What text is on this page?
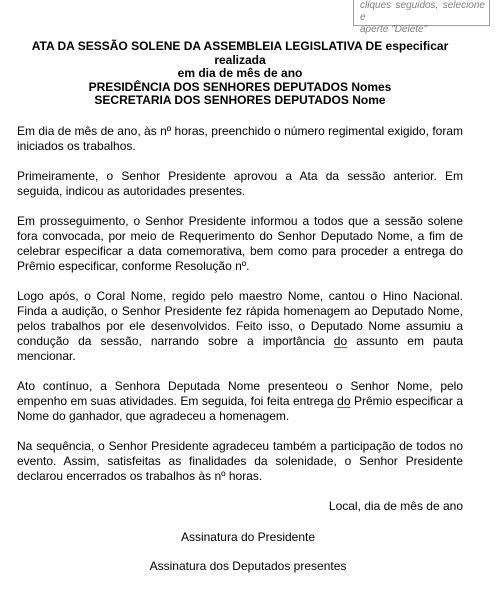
cliques seguidos, selecione e
aperte "Delete"
ATA DA SESSÃO SOLENE DA ASSEMBLEIA LEGISLATIVA DE especificar realizada
em dia de mês de ano
PRESIDÊNCIA DOS SENHORES DEPUTADOS Nomes
SECRETARIA DOS SENHORES DEPUTADOS Nome

Em dia de mês de ano, às nº horas, preenchido o número regimental exigido, foram iniciados os trabalhos.

Primeiramente, o Senhor Presidente aprovou a Ata da sessão anterior. Em seguida, indicou as autoridades presentes.

Em prosseguimento, o Senhor Presidente informou a todos que a sessão solene fora convocada, por meio de Requerimento do Senhor Deputado Nome, a fim de celebrar especificar a data comemorativa, bem como para proceder a entrega do Prêmio especificar, conforme Resolução nº.

Logo após, o Coral Nome, regido pelo maestro Nome, cantou o Hino Nacional. Finda a audição, o Senhor Presidente fez rápida homenagem ao Deputado Nome, pelos trabalhos por ele desenvolvidos. Feito isso, o Deputado Nome assumiu a condução da sessão, narrando sobre a importância do assunto em pauta mencionar.

Ato contínuo, a Senhora Deputada Nome presenteou o Senhor Nome, pelo empenho em suas atividades. Em seguida, foi feita entrega do Prêmio especificar a Nome do ganhador, que agradeceu a homenagem.

Na sequência, o Senhor Presidente agradeceu também a participação de todos no evento. Assim, satisfeitas as finalidades da solenidade, o Senhor Presidente declarou encerrados os trabalhos às nº horas.

Local, dia de mês de ano

Assinatura do Presidente

Assinatura dos Deputados presentes
